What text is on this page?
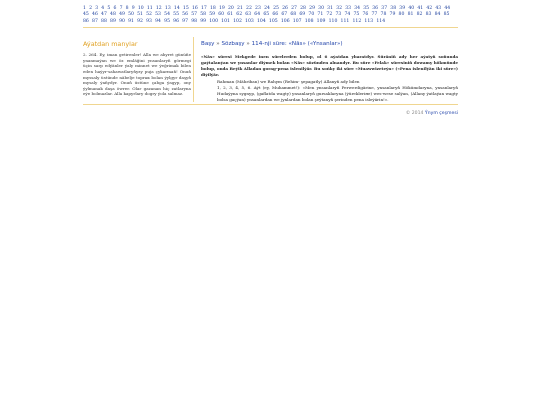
1 2 3 4 5 6 7 8 9 10 11 12 13 14 15 16 17 18 19 20 21 22 23 24 25 26 27 28 29 30 31 32 33 34 35 36 37 38 39 40 41 42 43 44 45 46 47 48 49 50 51 52 53 54 55 56 57 58 59 60 61 62 63 64 65 66 67 68 69 70 71 72 73 74 75 76 77 78 79 80 81 82 83 84 85 86 87 88 89 90 91 92 93 94 95 96 97 98 99 100 101 102 103 104 105 106 107 108 109 110 111 112 113 114
Aýatdan manylar
2. 264. Ey, iman getirenler! Alla we ahyret günüňe ynanmaýan we öz emläğini ynsanlaryň görmegi üçin sarp edýänler ýaly minnet we ýeğrimak bilen eden haýyr-sahawatlaryňyzy puja çykarmaň! Onuň myssaly üstünde näbelje topraк bolan ýylgyr daşyň mysaly ýaňydyr. Onuň üstüne çabga ýagyp, ony ýylmanak daşa öwrer. Olar gazanan hiç zatlaryna eýe bolmazlar. Alla kapyrlary dogry ýola salmaz.
Başy » Sözbaşy » 114-nji süre: «Nās» («Ynsanlar»)

«Nās» süresi Mekgede inen sürelerden bolup, ol 6 aýatdan ybaratdyr. Süräniň ady her aýatyň soňunda gaýtalanýan we ynsanlar diýmek bolan «Nās» sözünden alnandyr. Bu süre «Felak» süresiniň dowamy hökmünde bolup, onda Beýik Alladan gorag-pena islenilýär. Bu sońky iki süre «Muawwizeteýn» («Pena islenilýän iki süre») diýilýär.

Rahman (Mähriban) we Rahym (Rehim- şepagatly) Allanyň ady bilen
1, 2, 3, 4, 5, 6. Aýt (ey, Muhammet!): «Men ynsanlaryň Perwerdigärine, ynsanlaryň Hökümdaryna, ynsanlaryň Hudaýyna sygnyp, (gaflatda wagty) ynsanlaryň gursaklaryna (ýürekleriне) wes-wese salýan, (Allany ýatlaýan wagty bolsa gaçýan) ynsanlardan we jynlardan bolan şeýtanyň şerinden pena isleýärin!».
© 2014 Ýnym çeşmesi
